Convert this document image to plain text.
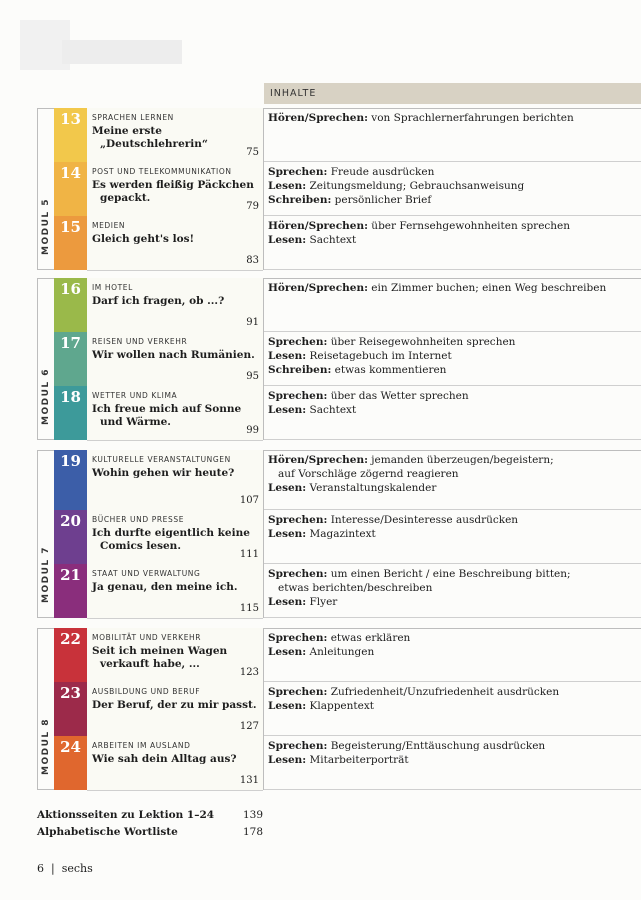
INHALTE
MODUL 5
13	SPRACHEN LERNEN
Meine erste
„Deutschlehrerin“
75
Hören/Sprechen: von Sprachlernerfahrungen berichten
14	POST UND TELEKOMMUNIKATION
Es werden fleißig Päckchen
gepackt.
79
Sprechen: Freude ausdrücken
Lesen: Zeitungsmeldung; Gebrauchsanweisung
Schreiben: persönlicher Brief
15	MEDIEN
Gleich geht's los!
83
Hören/Sprechen: über Fernsehgewohnheiten sprechen
Lesen: Sachtext
MODUL 6
16	IM HOTEL
Darf ich fragen, ob ...?
91
Hören/Sprechen: ein Zimmer buchen; einen Weg beschreiben
17	REISEN UND VERKEHR
Wir wollen nach Rumänien.
95
Sprechen: über Reisegewohnheiten sprechen
Lesen: Reisetagebuch im Internet
Schreiben: etwas kommentieren
18	WETTER UND KLIMA
Ich freue mich auf Sonne
und Wärme.
99
Sprechen: über das Wetter sprechen
Lesen: Sachtext
MODUL 7
19	KULTURELLE VERANSTALTUNGEN
Wohin gehen wir heute?
107
Hören/Sprechen: jemanden überzeugen/begeistern;
auf Vorschläge zögernd reagieren
Lesen: Veranstaltungskalender
20	BÜCHER UND PRESSE
Ich durfte eigentlich keine
Comics lesen.
111
Sprechen: Interesse/Desinteresse ausdrücken
Lesen: Magazintext
21	STAAT UND VERWALTUNG
Ja genau, den meine ich.
115
Sprechen: um einen Bericht / eine Beschreibung bitten;
etwas berichten/beschreiben
Lesen: Flyer
MODUL 8
22	MOBILITÄT UND VERKEHR
Seit ich meinen Wagen
verkauft habe, ...
123
Sprechen: etwas erklären
Lesen: Anleitungen
23	AUSBILDUNG UND BERUF
Der Beruf, der zu mir passt.
127
Sprechen: Zufriedenheit/Unzufriedenheit ausdrücken
Lesen: Klappentext
24	ARBEITEN IM AUSLAND
Wie sah dein Alltag aus?
131
Sprechen: Begeisterung/Enttäuschung ausdrücken
Lesen: Mitarbeiterporträt
Aktionsseiten zu Lektion 1–24	139
Alphabetische Wortliste	178
6 | sechs
